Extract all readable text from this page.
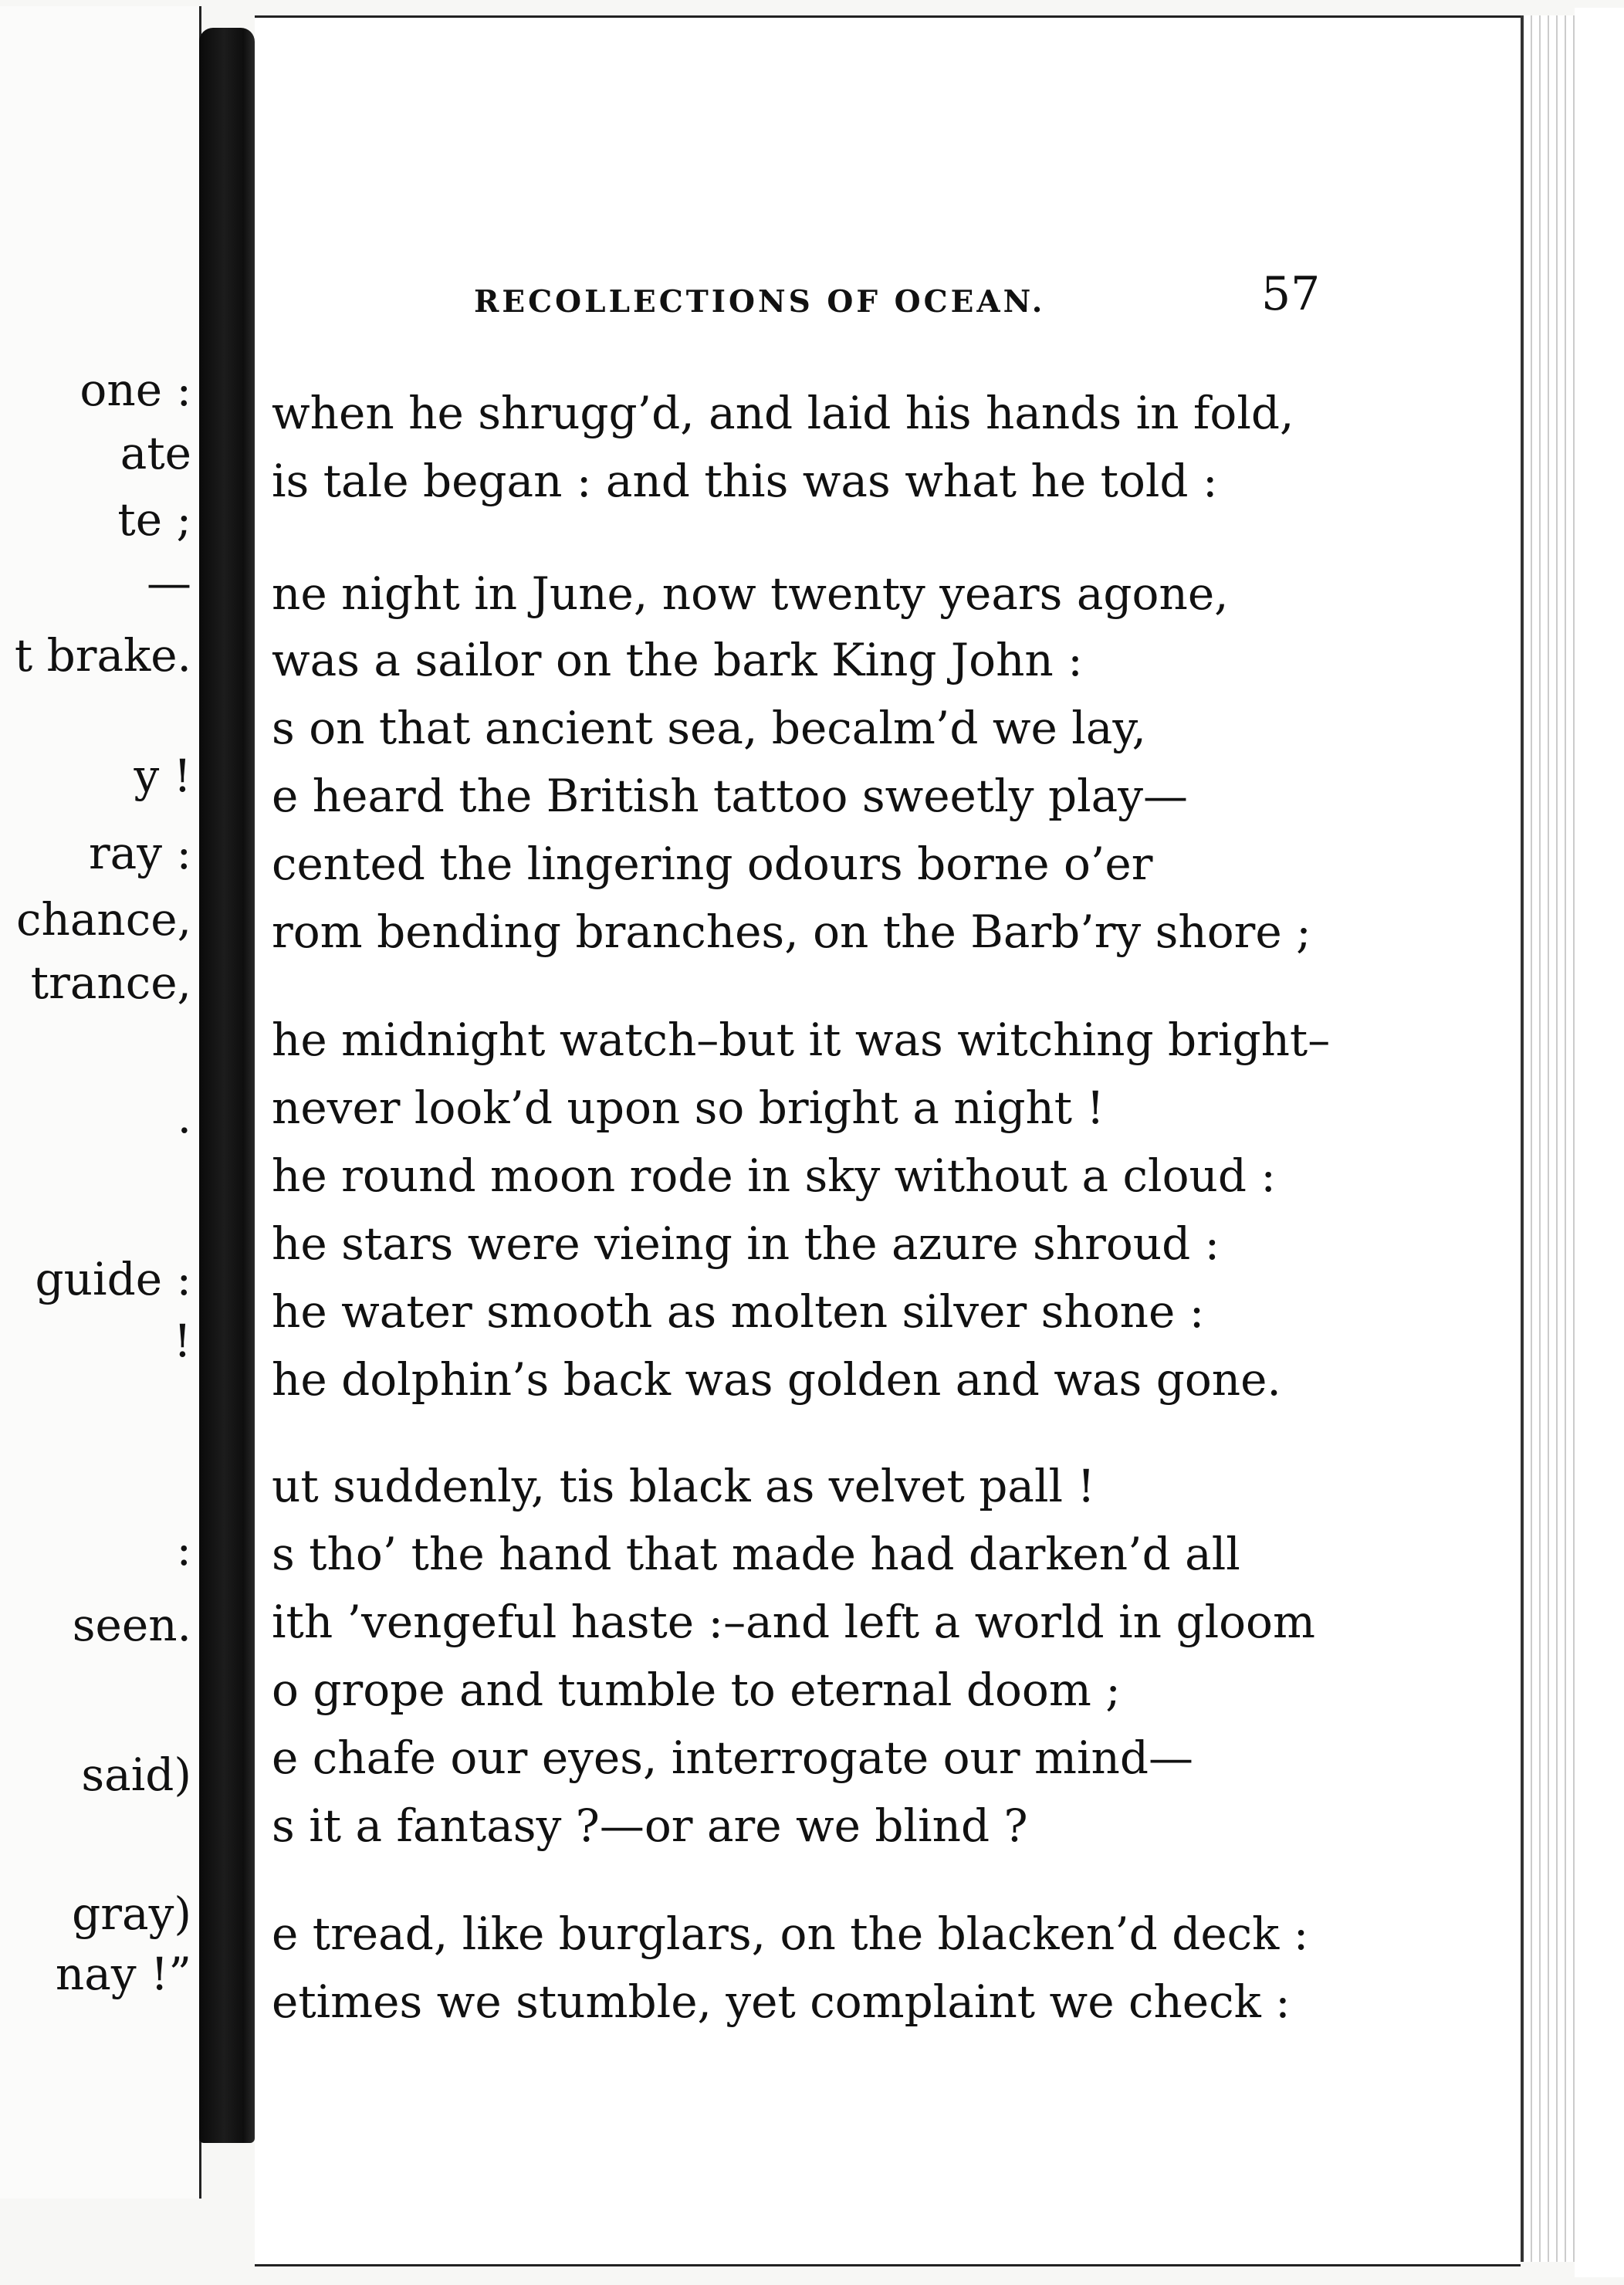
one :
ate
te ;
—
t brake.
y !
ray :
chance,
trance,
.
guide :
!
:
seen.
said)
gray)
nay !”
RECOLLECTIONS OF OCEAN.	57
when he shrugg’d, and laid his hands in fold,
is tale began : and this was what he told :
ne night in June, now twenty years agone,
was a sailor on the bark King John :
s on that ancient sea, becalm’d we lay,
e heard the British tattoo sweetly play—
cented the lingering odours borne o’er
rom bending branches, on the Barb’ry shore ;
he midnight watch–but it was witching bright–
never look’d upon so bright a night !
he round moon rode in sky without a cloud :
he stars were vieing in the azure shroud :
he water smooth as molten silver shone :
he dolphin’s back was golden and was gone.
ut suddenly, tis black as velvet pall !
s tho’ the hand that made had darken’d all
ith ’vengeful haste :–and left a world in gloom
o grope and tumble to eternal doom ;
e chafe our eyes, interrogate our mind—
s it a fantasy ?—or are we blind ?
e tread, like burglars, on the blacken’d deck :
etimes we stumble, yet complaint we check :
